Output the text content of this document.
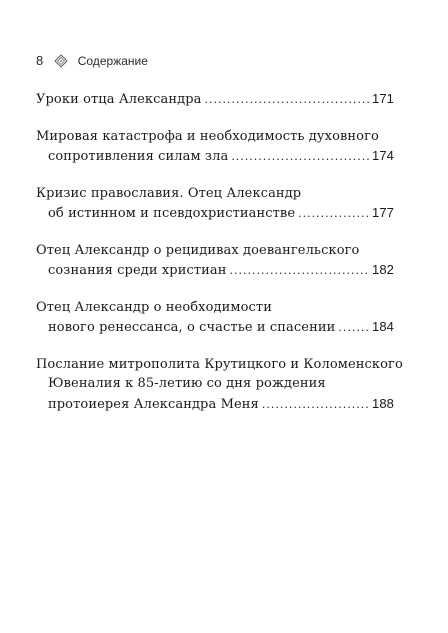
8	Содержание
Уроки отца Александра .....	171
Мировая катастрофа и необходимость духовного
сопротивления силам зла .....	174
Кризис православия. Отец Александр
об истинном и псевдохристианстве .....	177
Отец Александр о рецидивах доевангельского
сознания среди христиан .....	182
Отец Александр о необходимости
нового ренессанса, о счастье и спасении .....	184
Послание митрополита Крутицкого и Коломенского
Ювеналия к 85-летию со дня рождения
протоиерея Александра Меня .....	188
